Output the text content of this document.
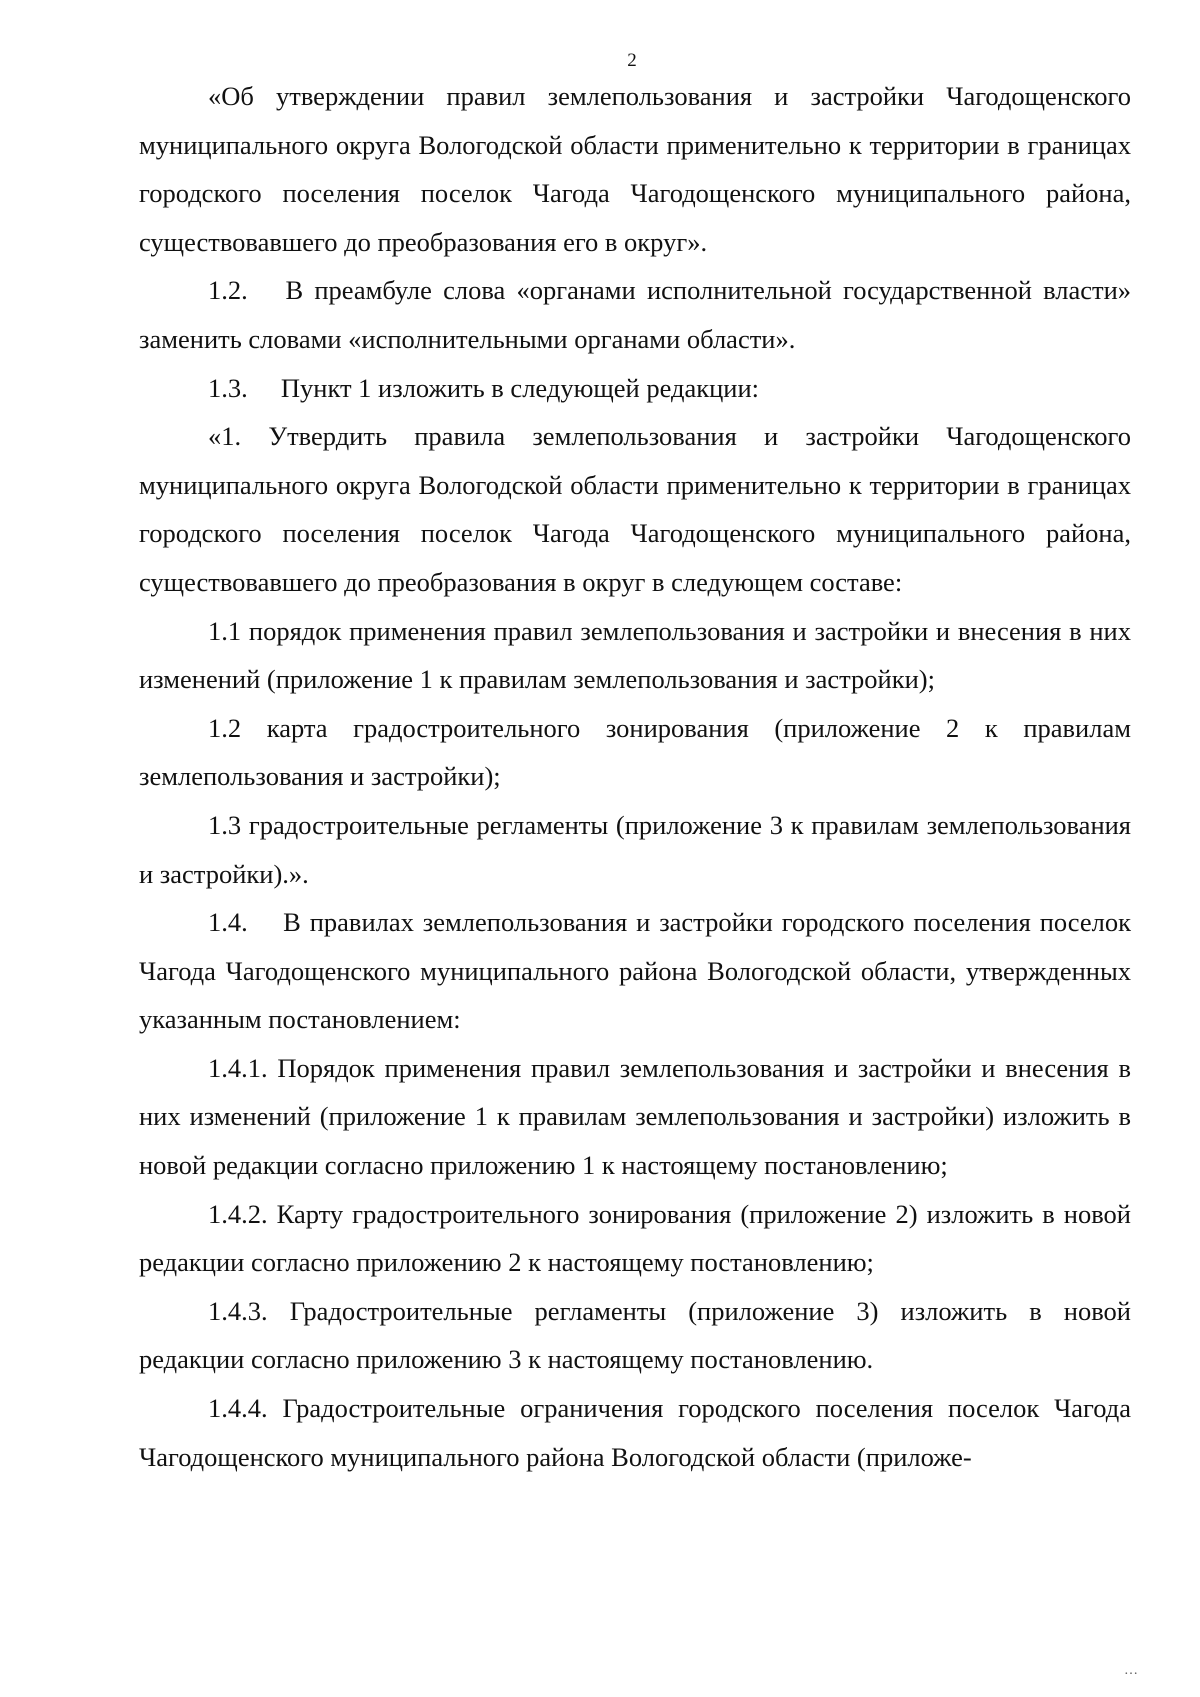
2

«Об утверждении правил землепользования и застройки Чагодощенского муниципального округа Вологодской области применительно к территории в границах городского поселения поселок Чагода Чагодощенского муниципального района, существовавшего до преобразования его в округ».

1.2.  В преамбуле слова «органами исполнительной государственной власти» заменить словами «исполнительными органами области».

1.3.  Пункт 1 изложить в следующей редакции:

«1. Утвердить правила землепользования и застройки Чагодощенского муниципального округа Вологодской области применительно к территории в границах городского поселения поселок Чагода Чагодощенского муниципального района, существовавшего до преобразования в округ в следующем составе:

1.1 порядок применения правил землепользования и застройки и внесения в них изменений (приложение 1 к правилам землепользования и застройки);

1.2 карта градостроительного зонирования (приложение 2 к правилам землепользования и застройки);

1.3 градостроительные регламенты (приложение 3 к правилам землепользования и застройки).».

1.4.  В правилах землепользования и застройки городского поселения поселок Чагода Чагодощенского муниципального района Вологодской области, утвержденных указанным постановлением:

1.4.1. Порядок применения правил землепользования и застройки и внесения в них изменений (приложение 1 к правилам землепользования и застройки) изложить в новой редакции согласно приложению 1 к настоящему постановлению;

1.4.2. Карту градостроительного зонирования (приложение 2) изложить в новой редакции согласно приложению 2 к настоящему постановлению;

1.4.3. Градостроительные регламенты (приложение 3) изложить в новой редакции согласно приложению 3 к настоящему постановлению.

1.4.4. Градостроительные ограничения городского поселения поселок Чагода Чагодощенского муниципального района Вологодской области (приложе-

…
